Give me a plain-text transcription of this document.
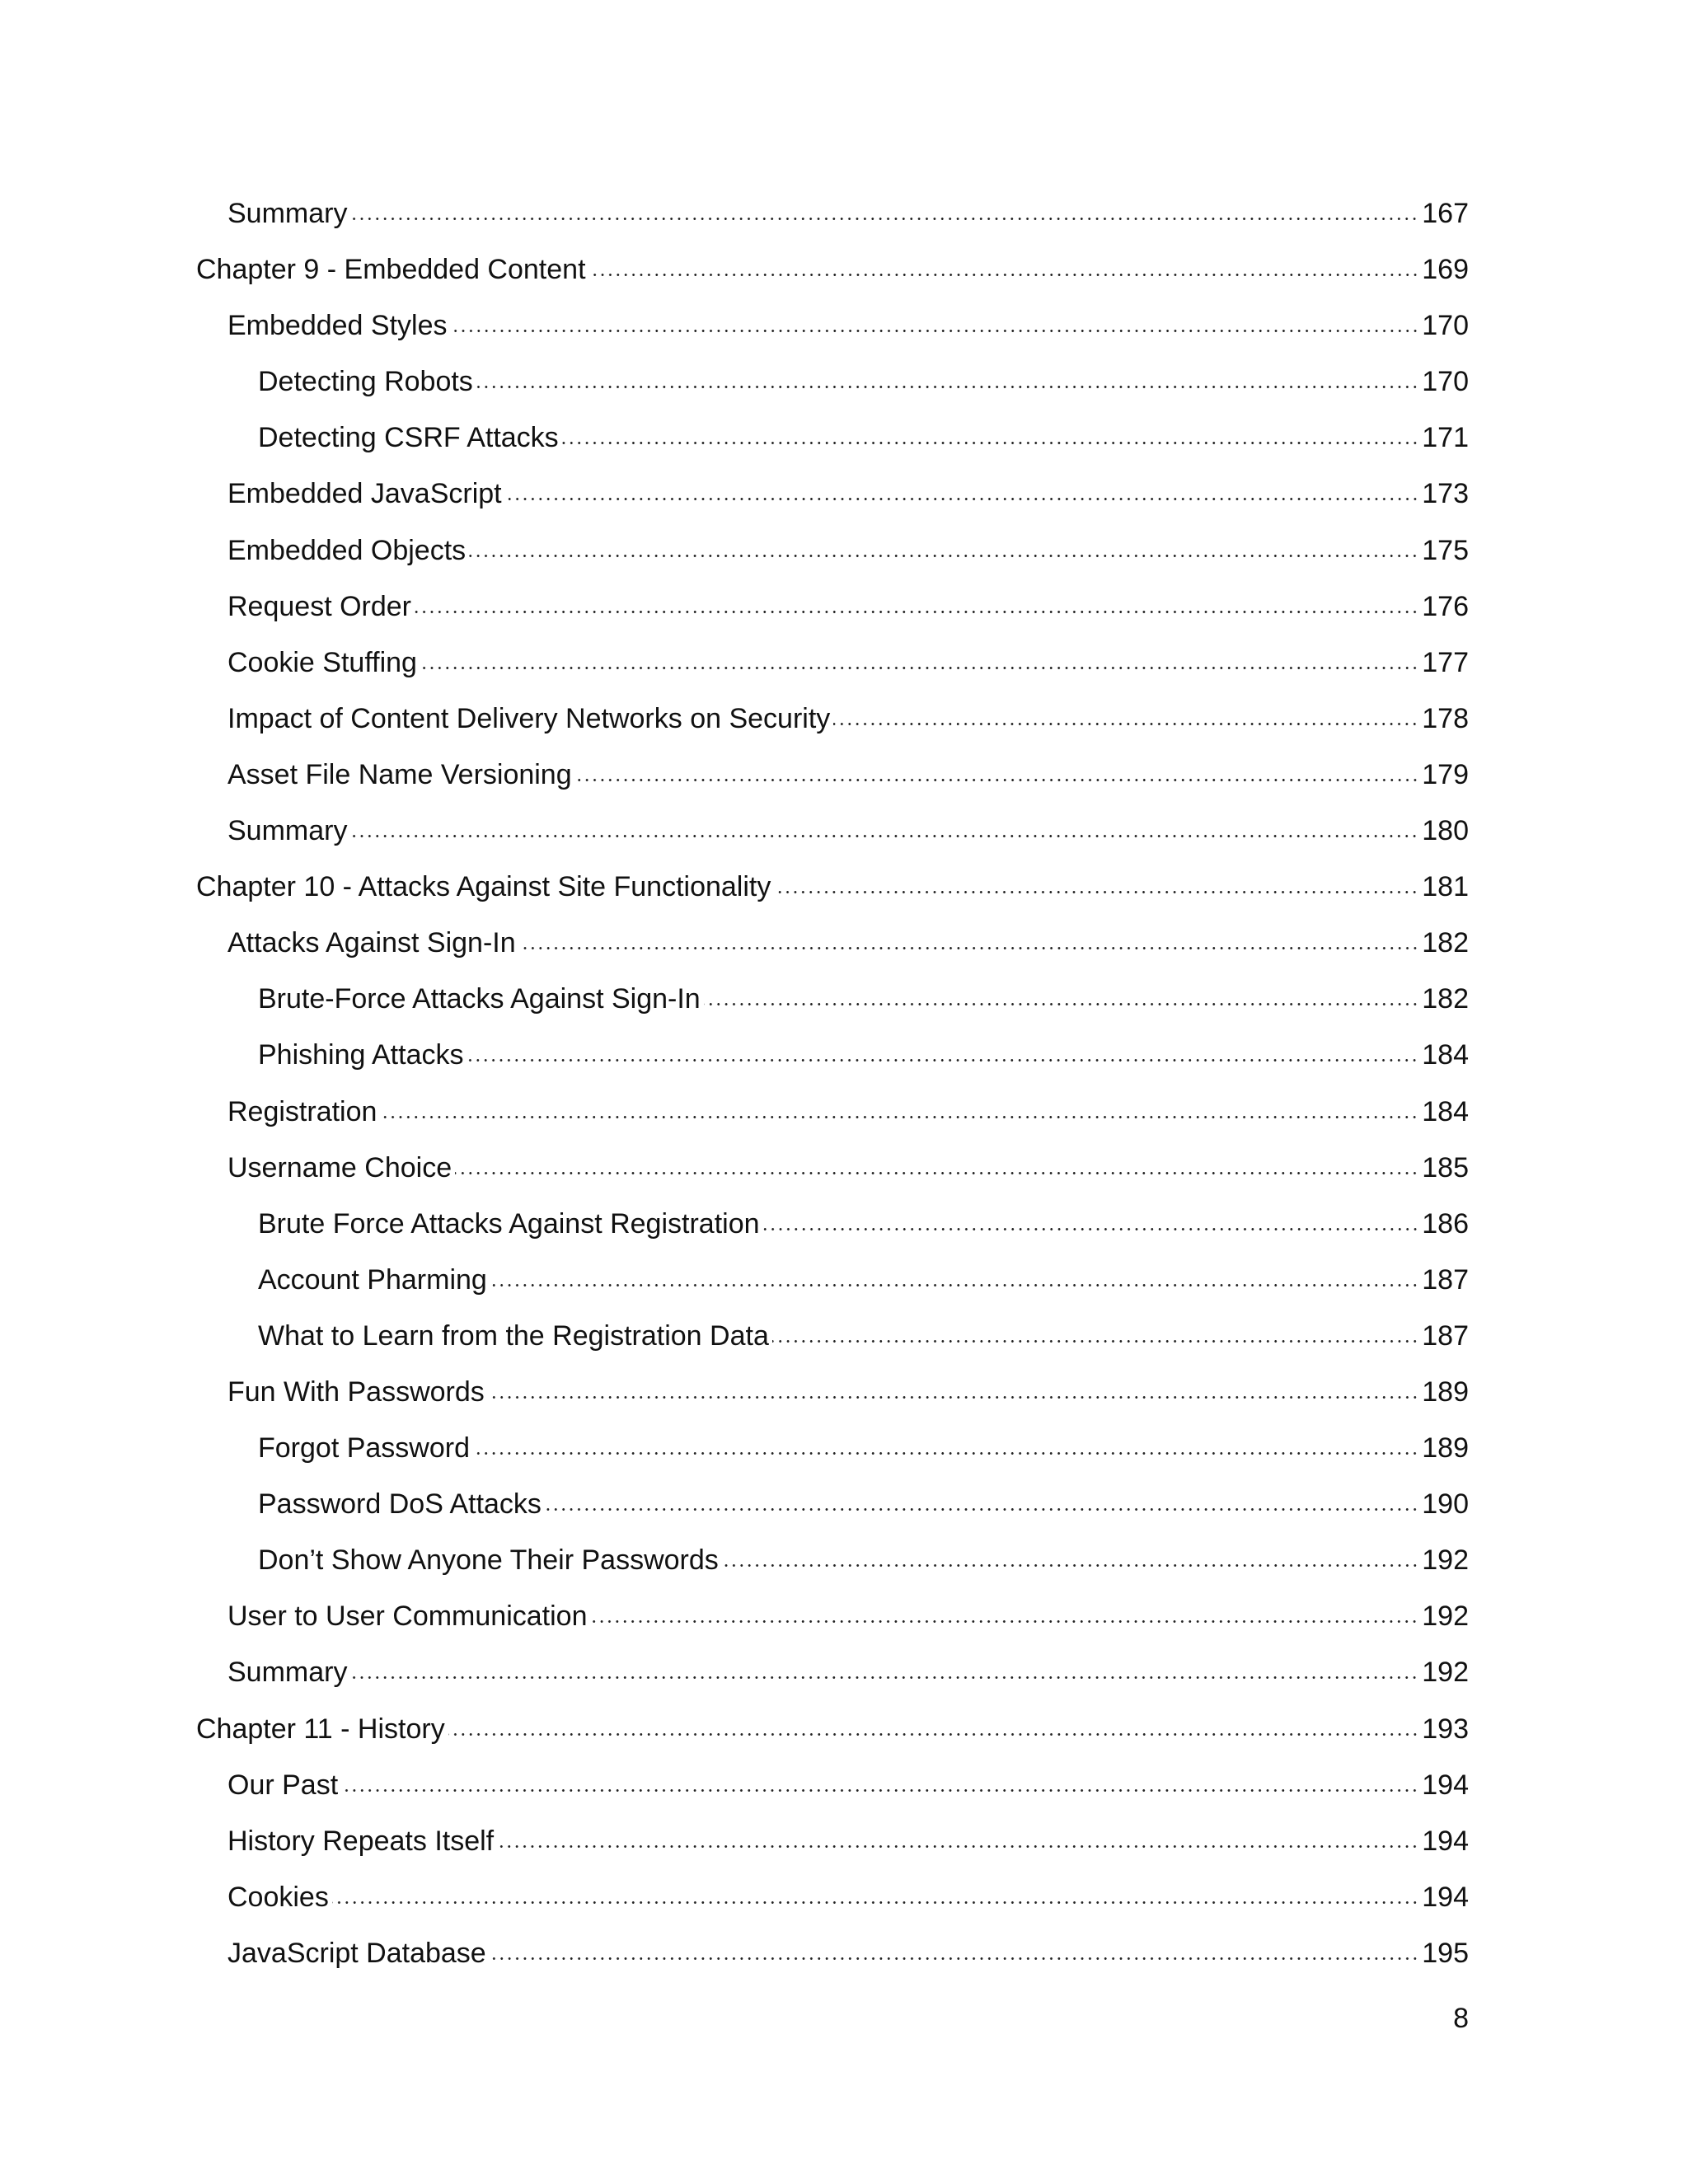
Summary	167
Chapter 9 - Embedded Content	169
Embedded Styles	170
Detecting Robots	170
Detecting CSRF Attacks	171
Embedded JavaScript	173
Embedded Objects	175
Request Order	176
Cookie Stuffing	177
Impact of Content Delivery Networks on Security	178
Asset File Name Versioning	179
Summary	180
Chapter 10 - Attacks Against Site Functionality	181
Attacks Against Sign-In	182
Brute-Force Attacks Against Sign-In	182
Phishing Attacks	184
Registration	184
Username Choice	185
Brute Force Attacks Against Registration	186
Account Pharming	187
What to Learn from the Registration Data	187
Fun With Passwords	189
Forgot Password	189
Password DoS Attacks	190
Don’t Show Anyone Their Passwords	192
User to User Communication	192
Summary	192
Chapter 11 - History	193
Our Past	194
History Repeats Itself	194
Cookies	194
JavaScript Database	195
8
